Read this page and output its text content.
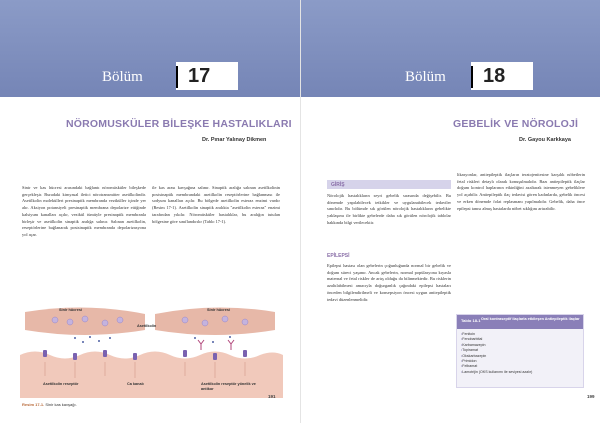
Bölüm 17
NÖROMUSKÜLER BİLEŞKE HASTALIKLARI
Dr. Pınar Yalınay Dikmen

Sinir ve kas hücresi arasındaki bağlantı nöromüsküler bileşkede gerçekleşir. Buradaki kimyasal iletici nörotransmitter asetilkolindir. Asetilkolin molekülleri presinaptik membranda veziküller içinde yer alır. Aksiyon potansiyeli presinaptik membrana depolarize ettiğinde kalsiyum kanalları açılır, vezikül tümüyle presinaptik membranla birleşir ve asetilkolin sinaptik aralığa salınır. Salınan asetilkolin, reseptörlerine bağlanarak postsinaptik membranda depolarizasyona yol açar.

ile kas arası kavşağına salınır. Sinaptik aralığa salınan asetilkolinin postsinaptik membrandaki asetilkolin reseptörlerine bağlanması ile sodyum kanalları açılır. Bu bölgede asetilkolin esteraz enzimi vardır (Resim 17-1). Asetilkolin sinaptik aralıkta "asetilkolin esteraz" enzimi tarafından yıkılır. Nöromüsküler hastalıklar, bu aralığın tutulan bölgesine göre sınıflandırılır (Tablo 17-1).

Sinir hücresi	Sinir hücresi
Asetilkolin
Asetilkolin reseptör	Ca kanalı	Asetilkolin reseptör yönelik ve antikor
Resim 17-1. Sinir kas kavşağı.
191
Bölüm 18
GEBELİK VE NÖROLOJİ
Dr. Gayou Karkkaya
GİRİŞ

Nörolojik hastalıkların seyri gebelik sırasında değişebilir. Bu dönemde yapılabilecek tetkikler ve uygulanabilecek tedaviler sınırlıdır. Bu bölümde sık görülen nörolojik hastalıkların gebelikte yaklaşımı ile birlikte gebelerde daha sık görülen nörolojik tablolar hakkında bilgi verilecektir.

EPİLEPSİ

Epilepsi hastası olan gebelerin çoğunluğunda normal bir gebelik ve doğum süreci yaşanır. Ancak gebelerin, normal popülasyona kıyasla maternal ve fetal riskler de artış olduğu da bilinmektedir. Bu risklerin azaltılabilmesi amacıyla doğurganlık çağındaki epilepsi hastaları önceden bilgilendirilmeli ve konsepsiyon öncesi uygun antiepileptik tedavi düzenlenmelidir.

likasyonlar, antiepileptik ilaçların teratojenitesine karşılık nöbetlerin fetal riskleri detaylı olarak konuşulmalıdır. Bazı antiepileptik ilaçlar doğum kontrol haplarının etkinliğini azaltarak istenmeyen gebeliklere yol açabilir. Antiepileptik ilaç tedavisi gören kadınlarda, gebelik öncesi ve erken dönemde folat replasmanı yapılmalıdır. Gebelik, daha önce epilepsi tanısı almış hastalarda nöbet sıklığını artırabilir.

199
Tablo 18-1 Oral kontraseptif ilaçlarla etkileşen Antiepileptik ilaçlar
• Fenitoin
• Fenobarbital
• Karbamazepin
• Topiramat
• Okskarbazepin
• Primidon
• Felbamat
• Lamotrijin (OKS kullanımı ile seviyesi azalır)
